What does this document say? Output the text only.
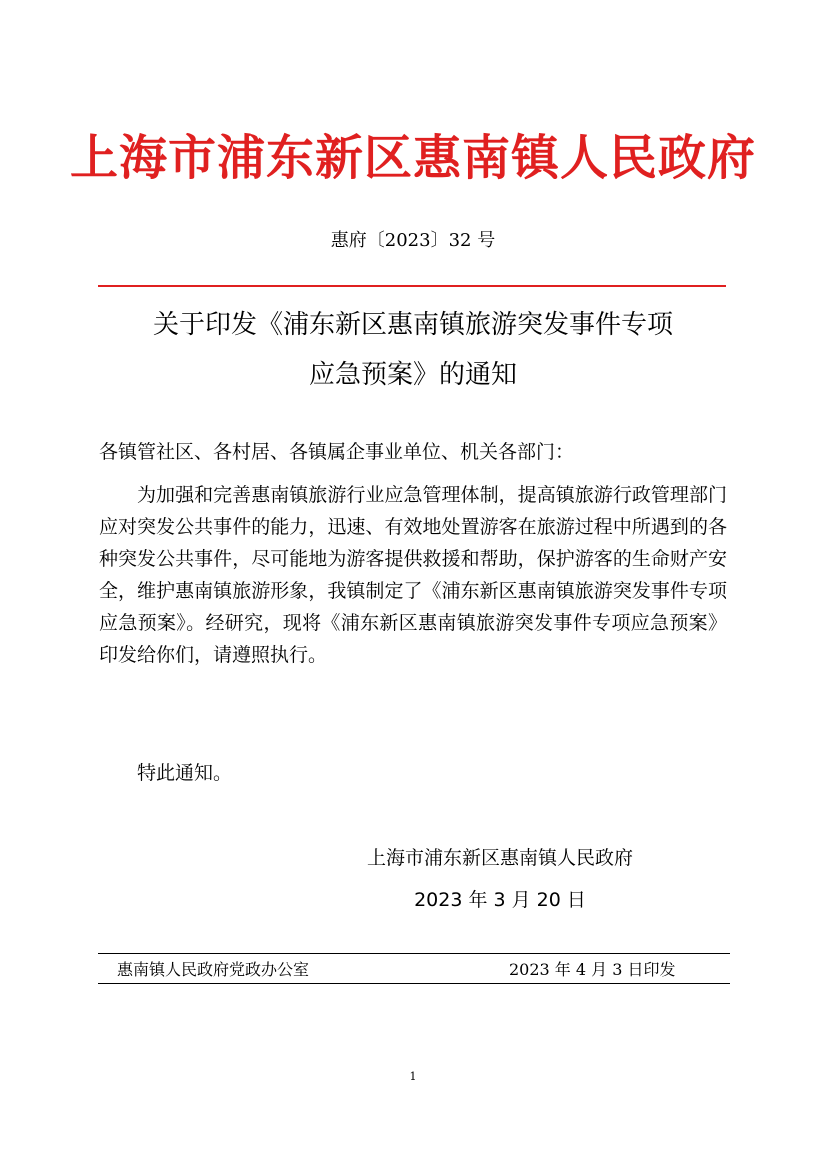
上海市浦东新区惠南镇人民政府
惠府〔2023〕32 号
关于印发《浦东新区惠南镇旅游突发事件专项
应急预案》的通知

各镇管社区、各村居、各镇属企事业单位、机关各部门：

为加强和完善惠南镇旅游行业应急管理体制，提高镇旅游行政管理部门应对突发公共事件的能力，迅速、有效地处置游客在旅游过程中所遇到的各种突发公共事件，尽可能地为游客提供救援和帮助，保护游客的生命财产安全，维护惠南镇旅游形象，我镇制定了《浦东新区惠南镇旅游突发事件专项应急预案》。经研究，现将《浦东新区惠南镇旅游突发事件专项应急预案》印发给你们，请遵照执行。

特此通知。

上海市浦东新区惠南镇人民政府
2023 年 3 月 20 日
惠南镇人民政府党政办公室	2023 年 4 月 3 日印发
1
